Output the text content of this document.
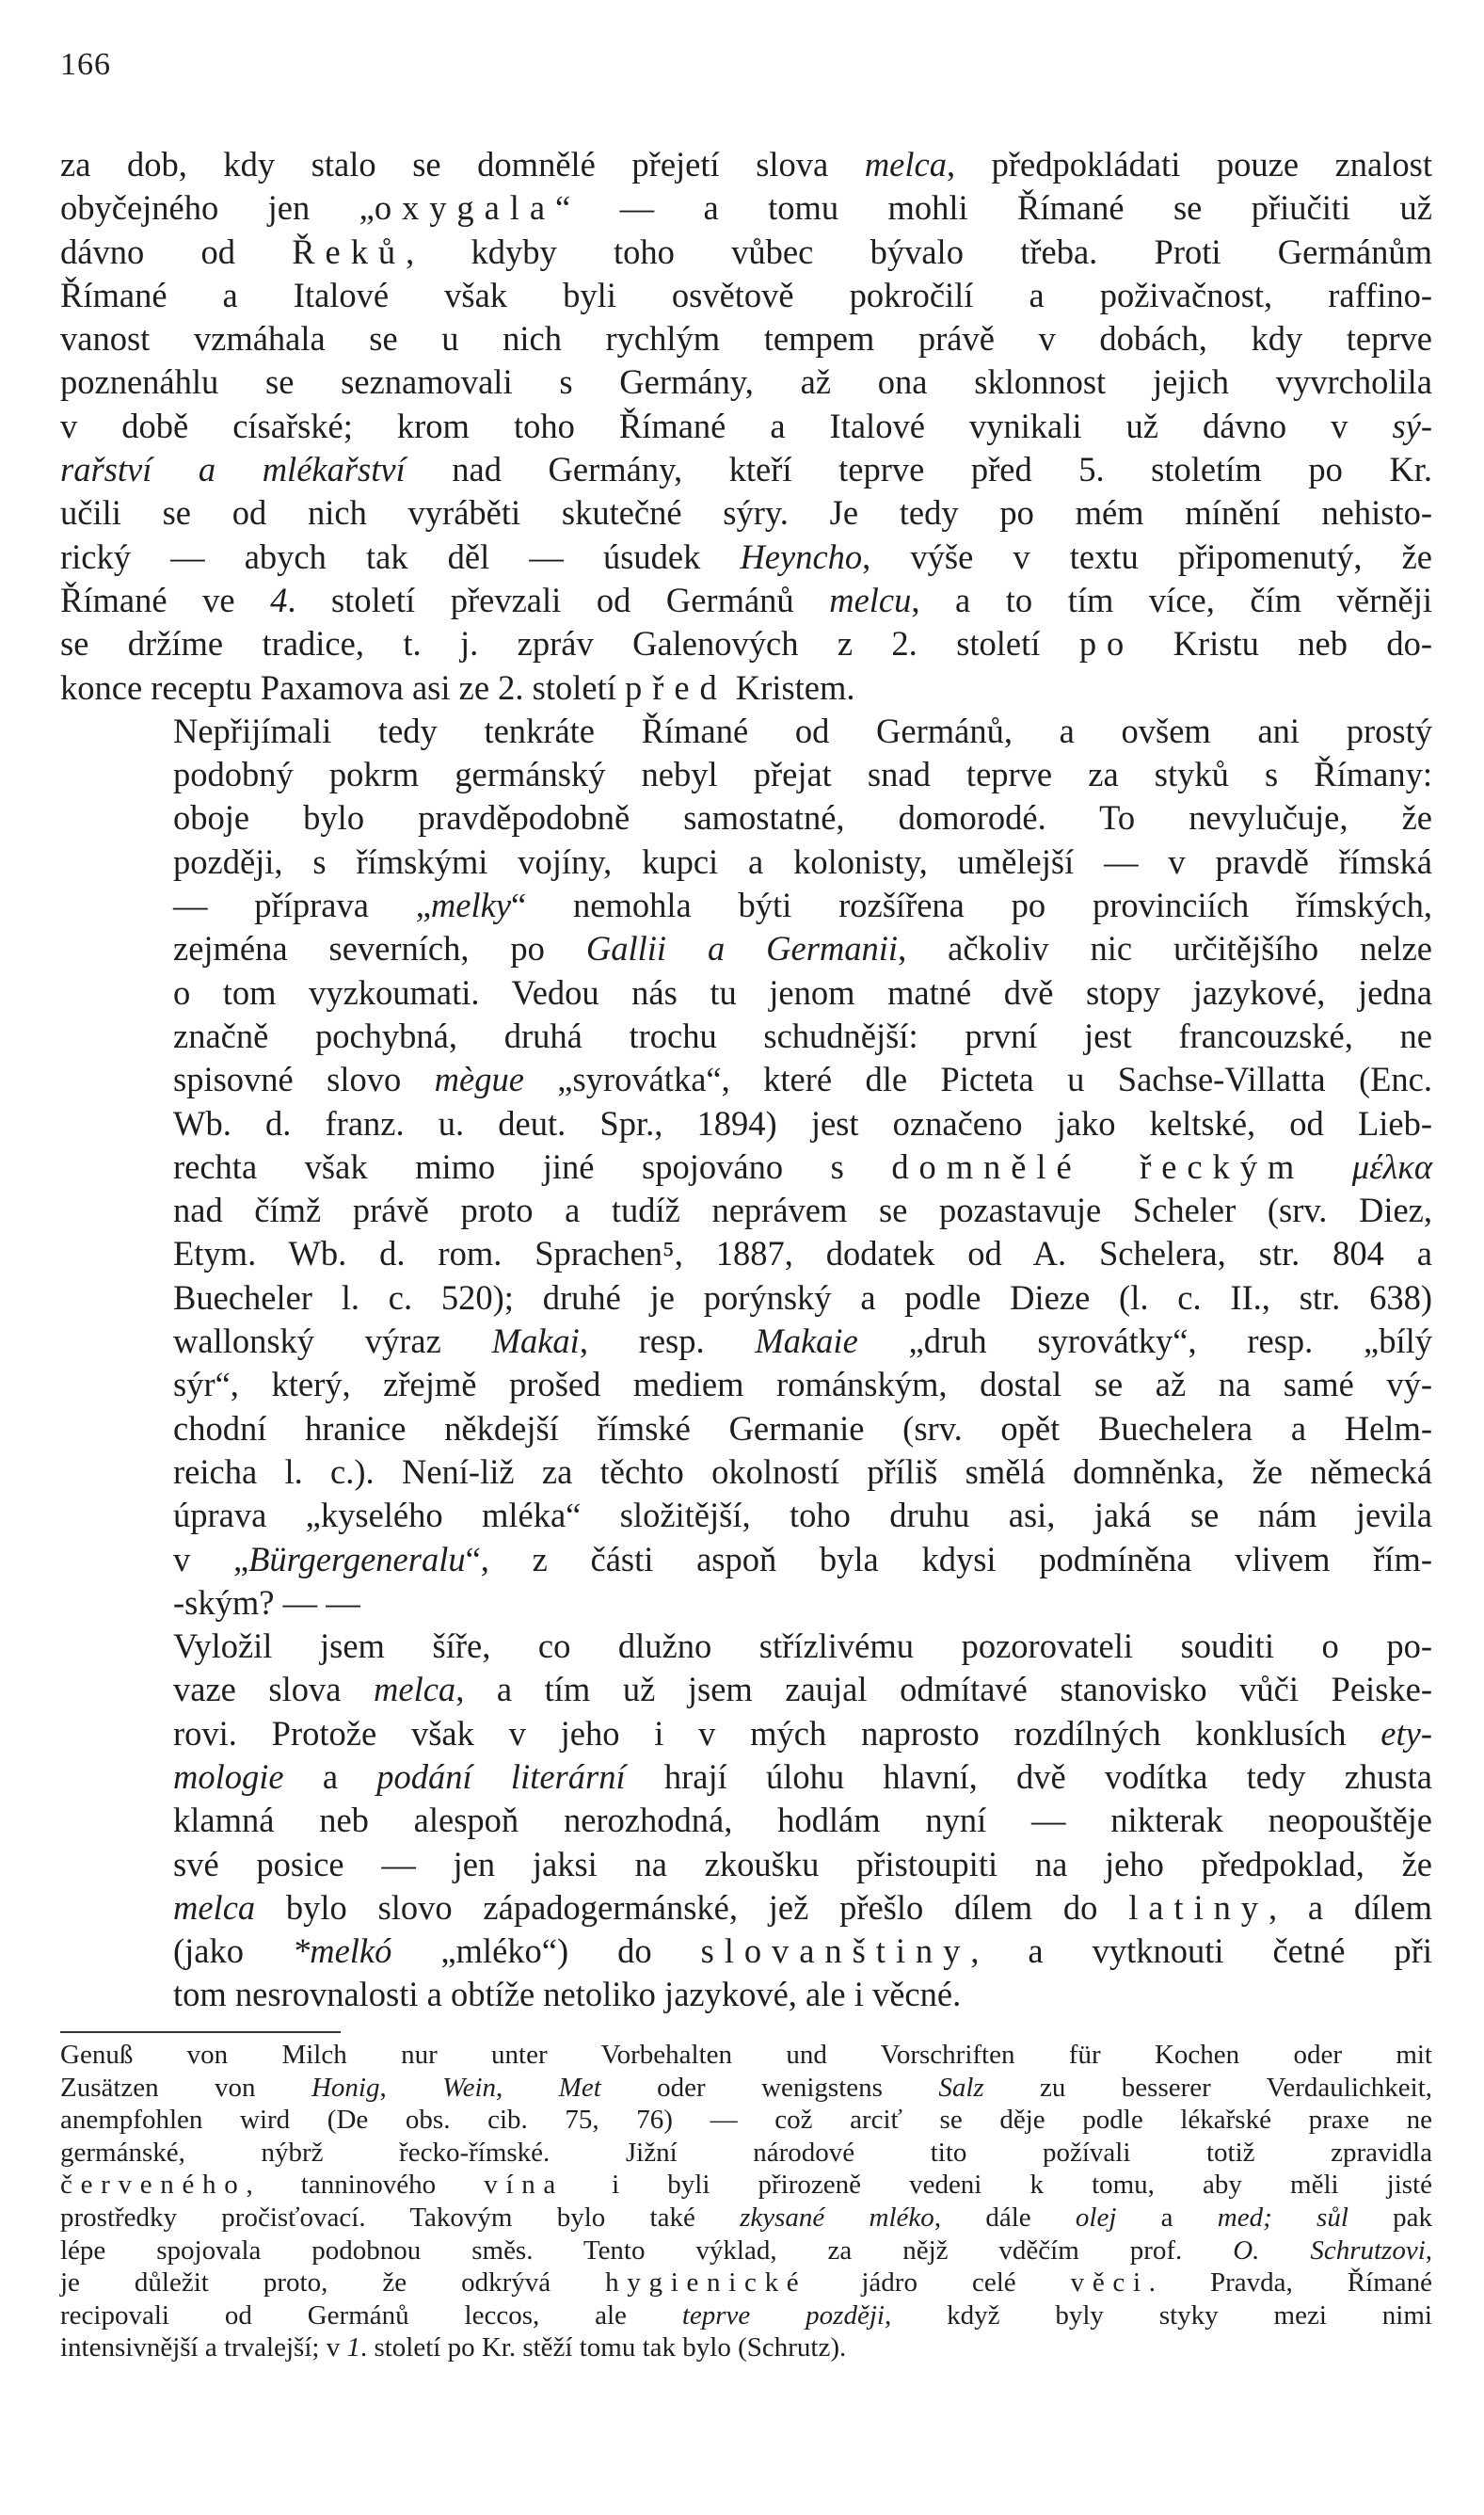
166
za dob, kdy stalo se domnělé přejetí slova melca, předpokládati pouze znalost
obyčejného jen „oxygala“ — a tomu mohli Římané se přiučiti už
dávno od Řeků, kdyby toho vůbec bývalo třeba. Proti Germánům
Římané a Italové však byli osvětově pokročilí a poživačnost, raffino-
vanost vzmáhala se u nich rychlým tempem právě v dobách, kdy teprve
poznenáhlu se seznamovali s Germány, až ona sklonnost jejich vyvrcholila
v době císařské; krom toho Římané a Italové vynikali už dávno v sý-
rařství a mlékařství nad Germány, kteří teprve před 5. stoletím po Kr.
učili se od nich vyráběti skutečné sýry. Je tedy po mém mínění nehisto-
rický — abych tak děl — úsudek Heyncho, výše v textu připomenutý, že
Římané ve 4. století převzali od Germánů melcu, a to tím více, čím věrněji
se držíme tradice, t. j. zpráv Galenových z 2. století po Kristu neb do-
konce receptu Paxamova asi ze 2. století před Kristem.
Nepřijímali tedy tenkráte Římané od Germánů, a ovšem ani prostý
podobný pokrm germánský nebyl přejat snad teprve za styků s Římany:
oboje bylo pravděpodobně samostatné, domorodé. To nevylučuje, že
později, s římskými vojíny, kupci a kolonisty, umělejší — v pravdě římská
— příprava „melky“ nemohla býti rozšířena po provinciích římských,
zejména severních, po Gallii a Germanii, ačkoliv nic určitějšího nelze
o tom vyzkoumati. Vedou nás tu jenom matné dvě stopy jazykové, jedna
značně pochybná, druhá trochu schudnější: první jest francouzské, ne
spisovné slovo mègue „syrovátka“, které dle Picteta u Sachse-Villatta (Enc.
Wb. d. franz. u. deut. Spr., 1894) jest označeno jako keltské, od Lieb-
rechta však mimo jiné spojováno s domnělé řeckým μέλκα
nad čímž právě proto a tudíž neprávem se pozastavuje Scheler (srv. Diez,
Etym. Wb. d. rom. Sprachen⁵, 1887, dodatek od A. Schelera, str. 804 a
Buecheler l. c. 520); druhé je porýnský a podle Dieze (l. c. II., str. 638)
wallonský výraz Makai, resp. Makaie „druh syrovátky“, resp. „bílý
sýr“, který, zřejmě prošed mediem románským, dostal se až na samé vý-
chodní hranice někdejší římské Germanie (srv. opět Buechelera a Helm-
reicha l. c.). Není-liž za těchto okolností příliš smělá domněnka, že německá
úprava „kyselého mléka“ složitější, toho druhu asi, jaká se nám jevila
v „Bürgergeneralu“, z části aspoň byla kdysi podmíněna vlivem řím-
-ským? — —
Vyložil jsem šíře, co dlužno střízlivému pozorovateli souditi o po-
vaze slova melca, a tím už jsem zaujal odmítavé stanovisko vůči Peiske-
rovi. Protože však v jeho i v mých naprosto rozdílných konklusích ety-
mologie a podání literární hrají úlohu hlavní, dvě vodítka tedy zhusta
klamná neb alespoň nerozhodná, hodlám nyní — nikterak neopouštěje
své posice — jen jaksi na zkoušku přistoupiti na jeho předpoklad, že
melca bylo slovo západogermánské, jež přešlo dílem do latiny, a dílem
(jako *melkó „mléko“) do slovanštiny, a vytknouti četné při
tom nesrovnalosti a obtíže netoliko jazykové, ale i věcné.
Genuß von Milch nur unter Vorbehalten und Vorschriften für Kochen oder mit
Zusätzen von Honig, Wein, Met oder wenigstens Salz zu besserer Verdaulichkeit,
anempfohlen wird (De obs. cib. 75, 76) — což arciť se děje podle lékařské praxe ne
germánské, nýbrž řecko-římské. Jižní národové tito požívali totiž zpravidla
červeného, tanninového vína i byli přirozeně vedeni k tomu, aby měli jisté
prostředky pročisťovací. Takovým bylo také zkysané mléko, dále olej a med; sůl pak
lépe spojovala podobnou směs. Tento výklad, za nějž vděčím prof. O. Schrutzovi,
je důležit proto, že odkrývá hygienické jádro celé věci. Pravda, Římané
recipovali od Germánů leccos, ale teprve později, když byly styky mezi nimi
intensivnější a trvalejší; v 1. století po Kr. stěží tomu tak bylo (Schrutz).
